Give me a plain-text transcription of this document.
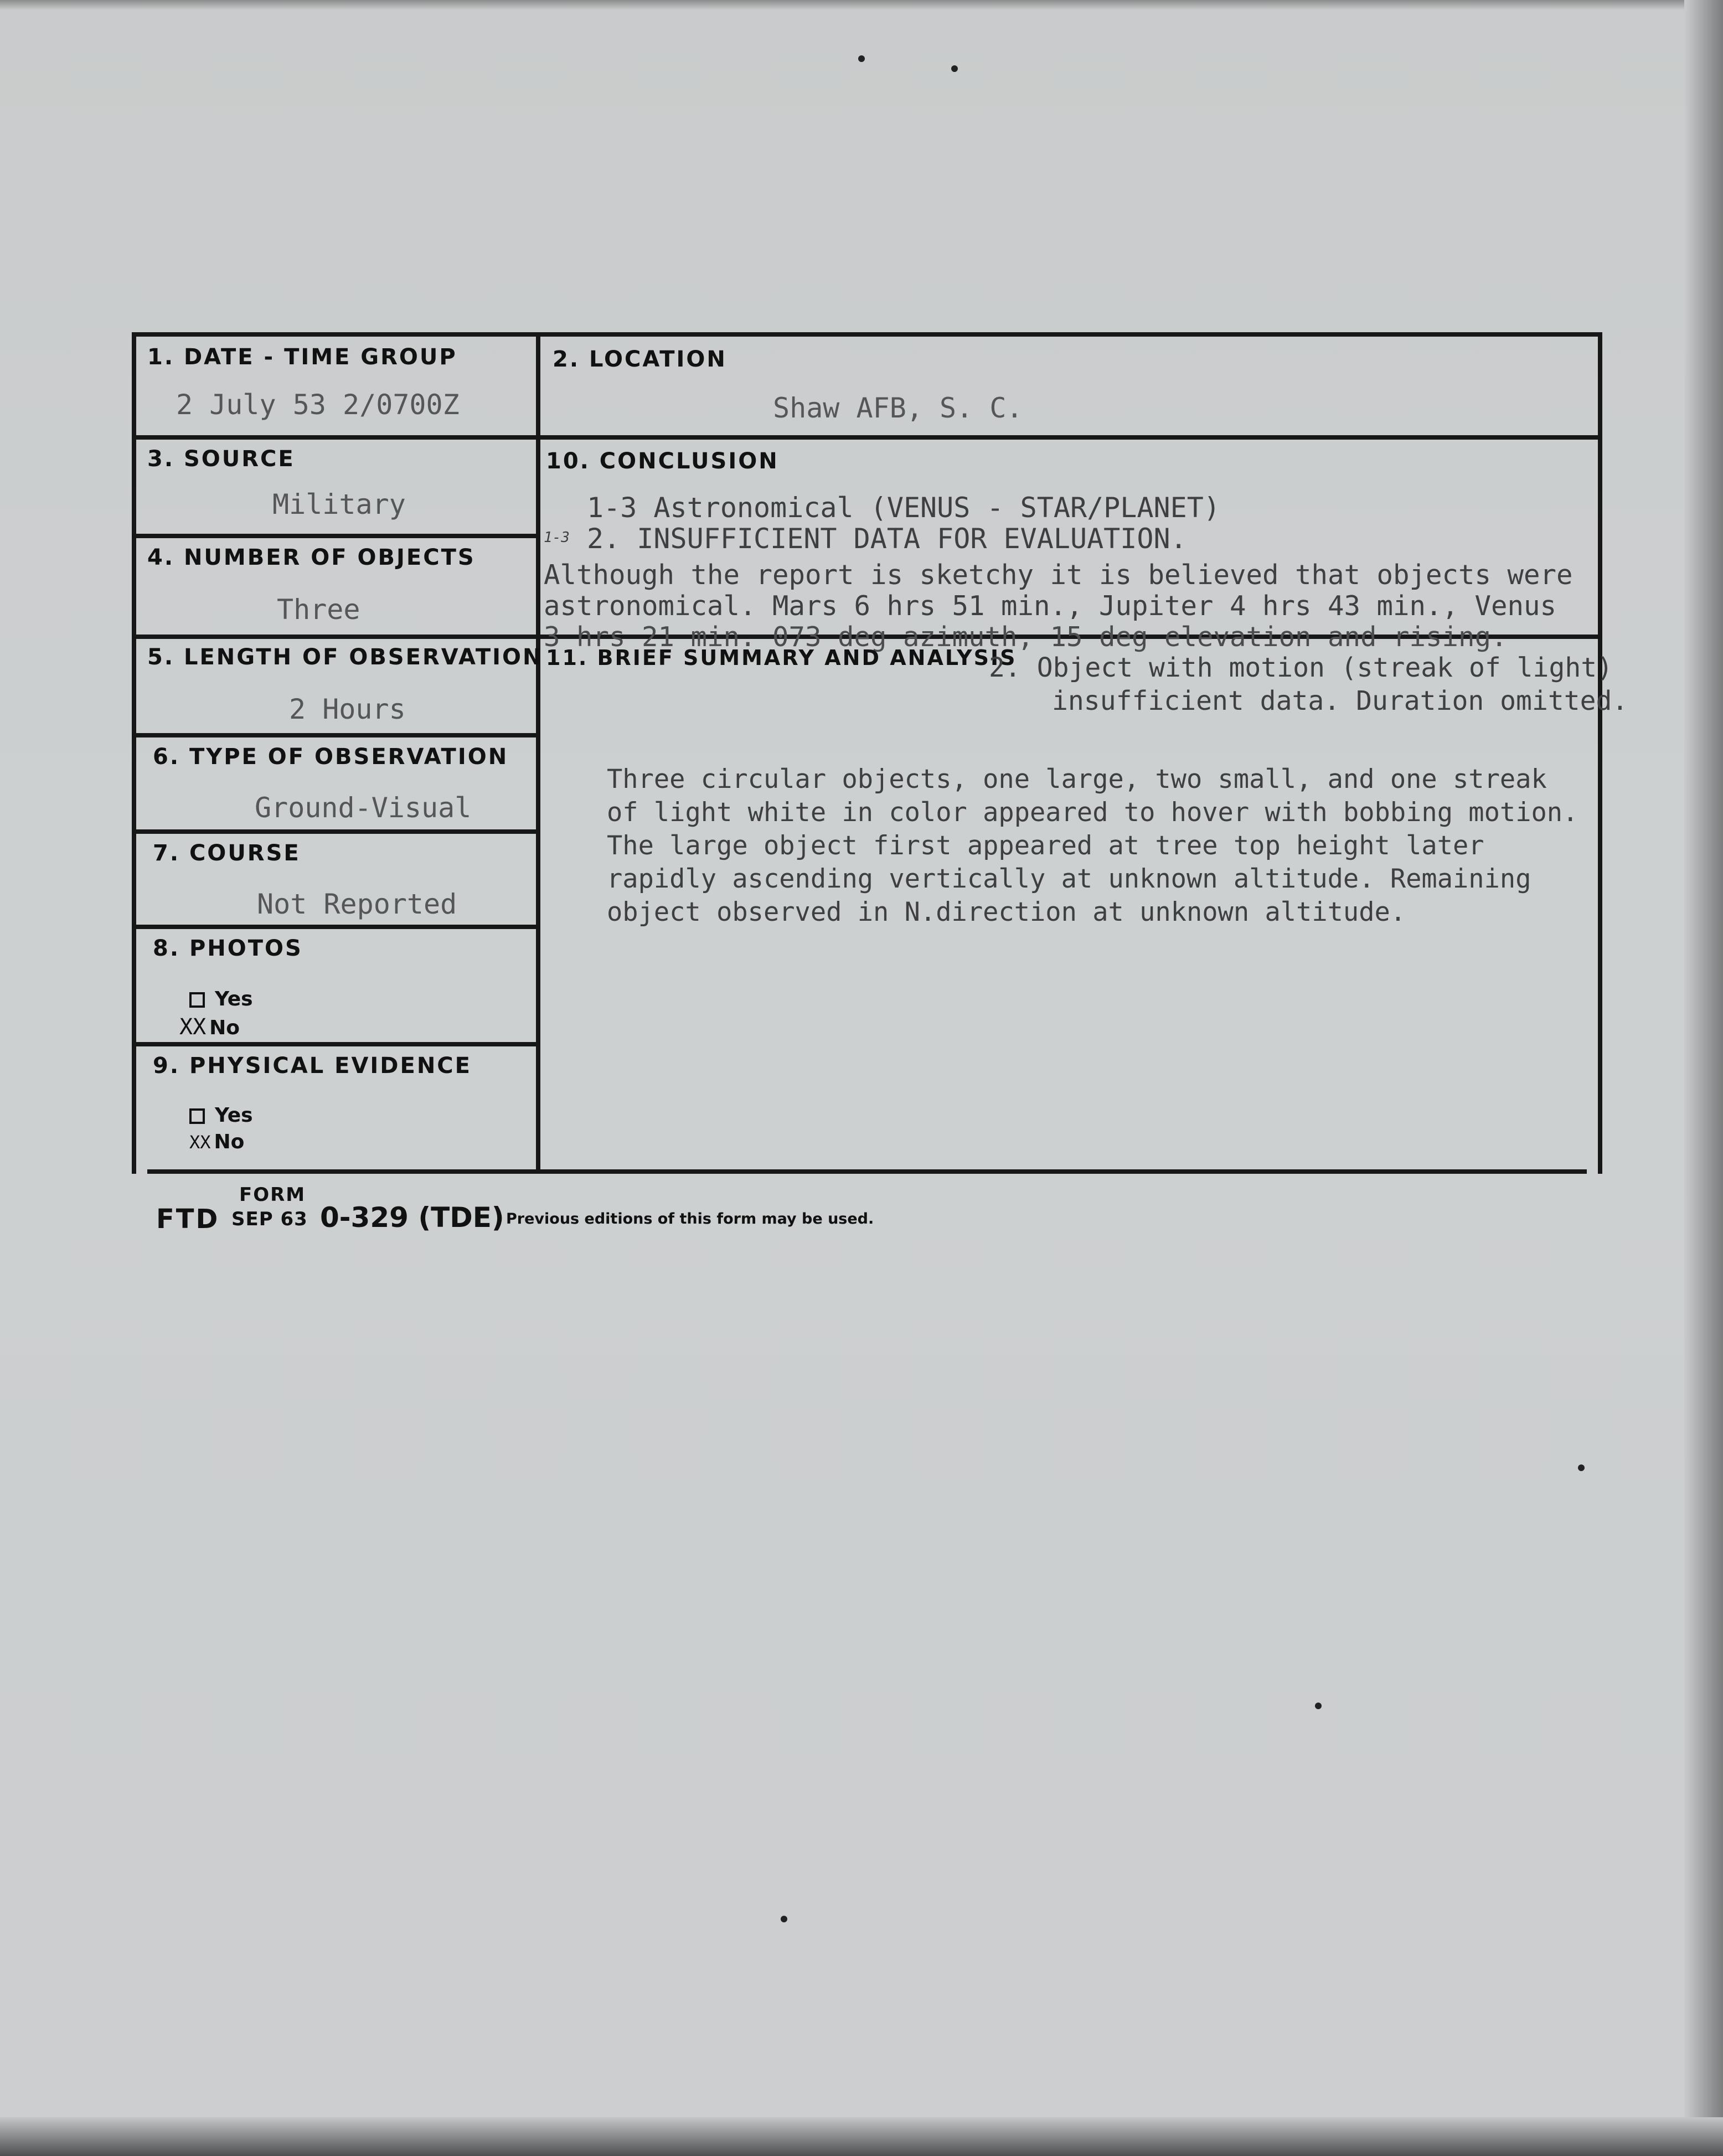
1. DATE - TIME GROUP
2 July 53 2/0700Z
2. LOCATION
Shaw AFB, S. C.
3. SOURCE
Military
4. NUMBER OF OBJECTS
Three
5. LENGTH OF OBSERVATION
2 Hours
6. TYPE OF OBSERVATION
Ground-Visual
7. COURSE
Not Reported
8. PHOTOS
Yes
XX No
9. PHYSICAL EVIDENCE
Yes
XX No
10. CONCLUSION
1-3 Astronomical (VENUS - STAR/PLANET)
1-3 2. INSUFFICIENT DATA FOR EVALUATION.
Although the report is sketchy it is believed that objects were
astronomical. Mars 6 hrs 51 min., Jupiter 4 hrs 43 min., Venus
3 hrs 21 min. 073 deg azimuth, 15 deg elevation and rising.
11. BRIEF SUMMARY AND ANALYSIS
2. Object with motion (streak of light)
insufficient data. Duration omitted.
Three circular objects, one large, two small, and one streak
of light white in color appeared to hover with bobbing motion.
The large object first appeared at tree top height later
rapidly ascending vertically at unknown altitude. Remaining
object observed in N.direction at unknown altitude.
FORM
FTD SEP 63 0-329 (TDE) Previous editions of this form may be used.
